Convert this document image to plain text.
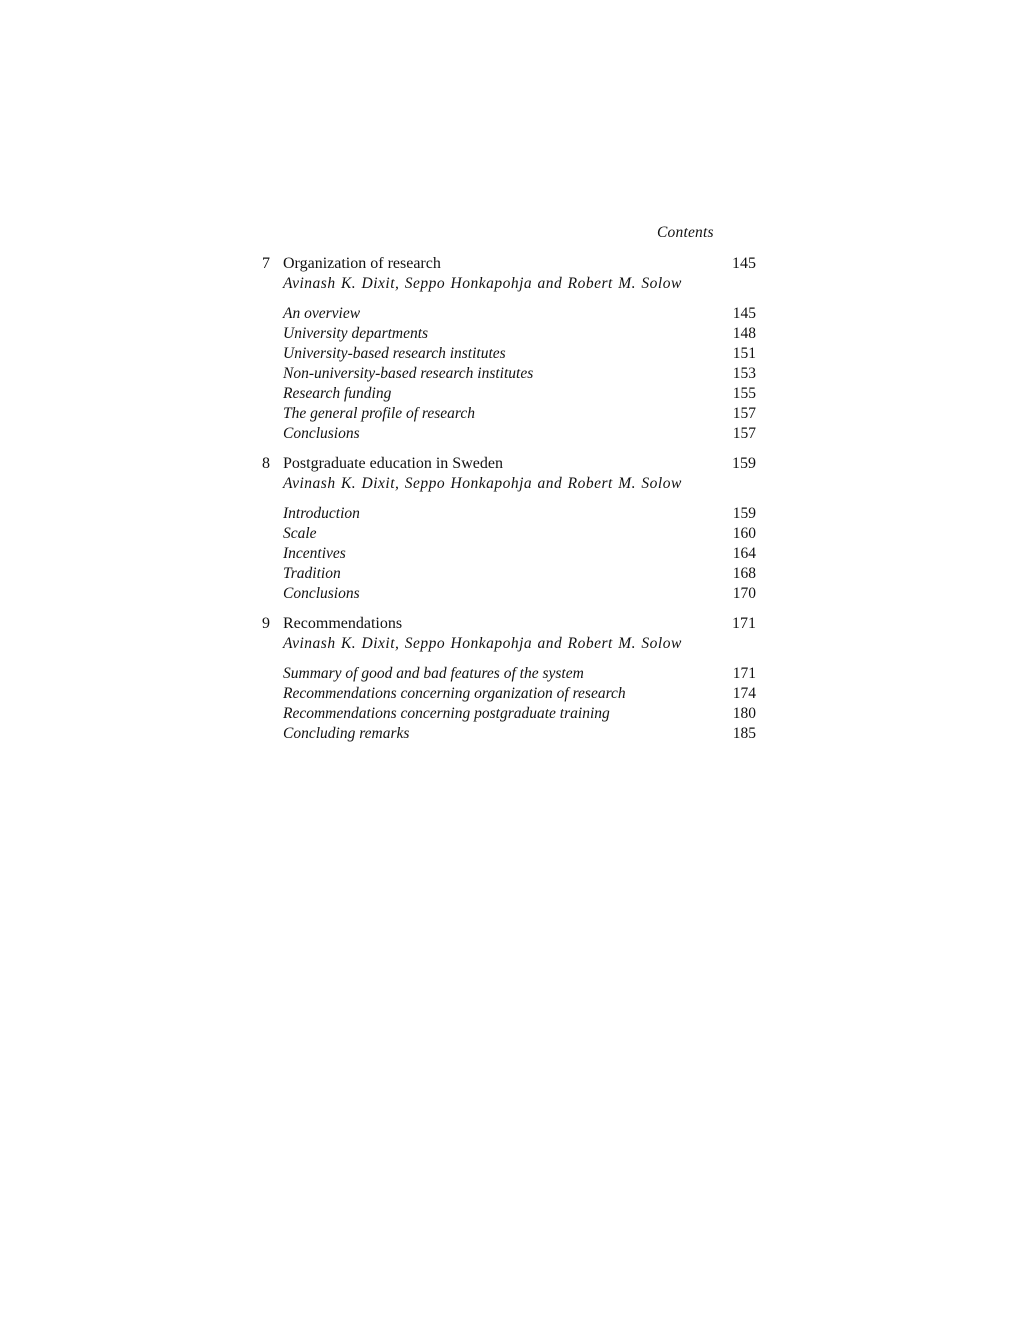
Contents
7 Organization of research	145
Avinash K. Dixit, Seppo Honkapohja and Robert M. Solow
An overview	145
University departments	148
University-based research institutes	151
Non-university-based research institutes	153
Research funding	155
The general profile of research	157
Conclusions	157
8 Postgraduate education in Sweden	159
Avinash K. Dixit, Seppo Honkapohja and Robert M. Solow
Introduction	159
Scale	160
Incentives	164
Tradition	168
Conclusions	170
9 Recommendations	171
Avinash K. Dixit, Seppo Honkapohja and Robert M. Solow
Summary of good and bad features of the system	171
Recommendations concerning organization of research	174
Recommendations concerning postgraduate training	180
Concluding remarks	185
